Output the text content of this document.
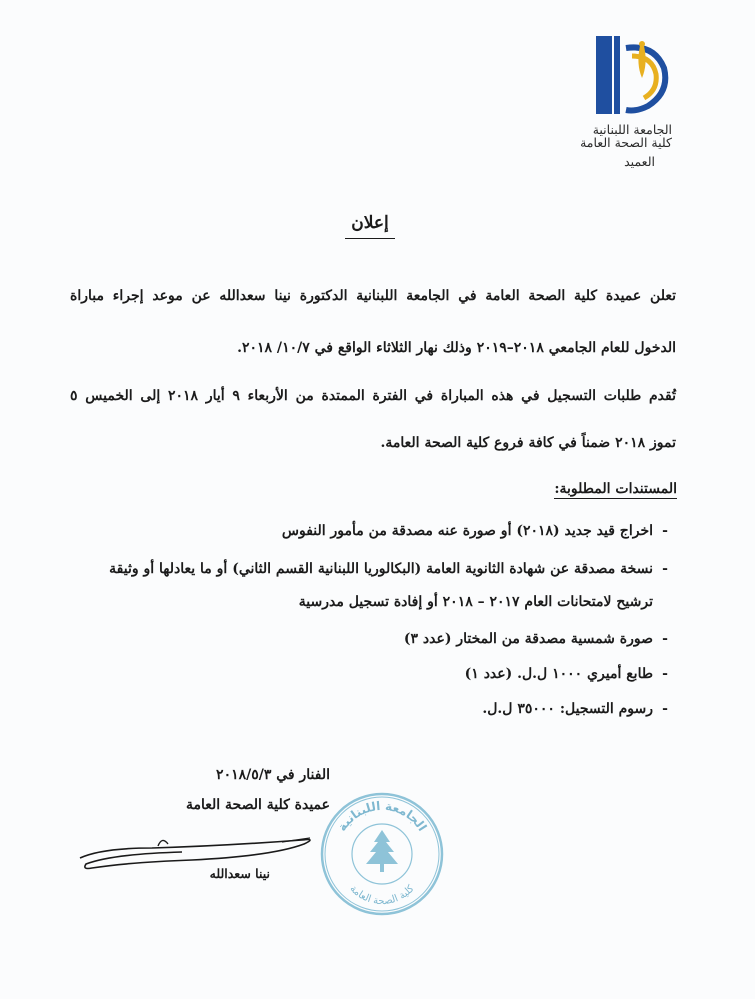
الجامعة اللبنانية
كلية الصحة العامة
العميد
إعلان
تعلن عميدة كلية الصحة العامة في الجامعة اللبنانية الدكتورة نينا سعدالله عن موعد إجراء مباراة
الدخول للعام الجامعي ٢٠١٨–٢٠١٩ وذلك نهار الثلاثاء الواقع في ١٠/٧/ ٢٠١٨.
تُقدم طلبات التسجيل في هذه المباراة في الفترة الممتدة من الأربعاء ٩ أيار ٢٠١٨ إلى الخميس ٥
تموز ٢٠١٨ ضمناً في كافة فروع كلية الصحة العامة.
المستندات المطلوبة:
-اخراج قيد جديد (٢٠١٨) أو صورة عنه مصدقة من مأمور النفوس
-نسخة مصدقة عن شهادة الثانوية العامة (البكالوريا اللبنانية القسم الثاني) أو ما يعادلها أو وثيقة
ترشيح لامتحانات العام ٢٠١٧ – ٢٠١٨ أو إفادة تسجيل مدرسية
-صورة شمسية مصدقة من المختار (عدد ٣)
-طابع أميري ١٠٠٠ ل.ل. (عدد ١)
-رسوم التسجيل: ٣٥٠٠٠ ل.ل.
الفنار في ٢٠١٨/٥/٣
عميدة كلية الصحة العامة
نينا سعدالله
الجامعة اللبنانية
كلية الصحة العامة
